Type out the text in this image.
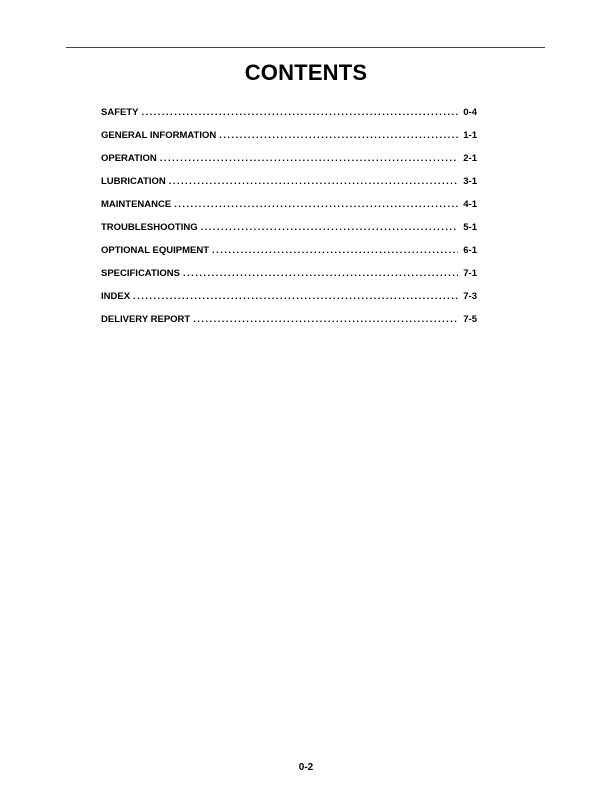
CONTENTS
SAFETY . . .	0-4
GENERAL INFORMATION . . .	1-1
OPERATION . . .	2-1
LUBRICATION . . .	3-1
MAINTENANCE . . .	4-1
TROUBLESHOOTING . . .	5-1
OPTIONAL EQUIPMENT . . .	6-1
SPECIFICATIONS . . .	7-1
INDEX . . .	7-3
DELIVERY REPORT . . .	7-5
0-2
